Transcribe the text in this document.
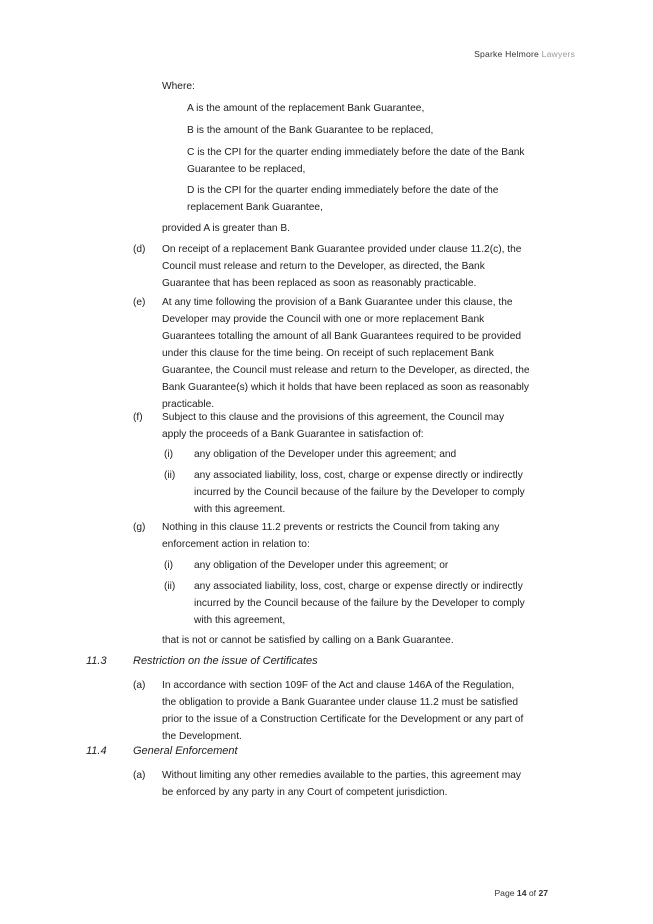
Sparke Helmore Lawyers
Where:
A is the amount of the replacement Bank Guarantee,
B is the amount of the Bank Guarantee to be replaced,
C is the CPI for the quarter ending immediately before the date of the Bank
Guarantee to be replaced,
D is the CPI for the quarter ending immediately before the date of the
replacement Bank Guarantee,
provided A is greater than B.
(d) On receipt of a replacement Bank Guarantee provided under clause 11.2(c), the
Council must release and return to the Developer, as directed, the Bank
Guarantee that has been replaced as soon as reasonably practicable.
(e) At any time following the provision of a Bank Guarantee under this clause, the
Developer may provide the Council with one or more replacement Bank
Guarantees totalling the amount of all Bank Guarantees required to be provided
under this clause for the time being. On receipt of such replacement Bank
Guarantee, the Council must release and return to the Developer, as directed, the
Bank Guarantee(s) which it holds that have been replaced as soon as reasonably
practicable.
(f) Subject to this clause and the provisions of this agreement, the Council may
apply the proceeds of a Bank Guarantee in satisfaction of:
(i) any obligation of the Developer under this agreement; and
(ii) any associated liability, loss, cost, charge or expense directly or indirectly
incurred by the Council because of the failure by the Developer to comply
with this agreement.
(g) Nothing in this clause 11.2 prevents or restricts the Council from taking any
enforcement action in relation to:
(i) any obligation of the Developer under this agreement; or
(ii) any associated liability, loss, cost, charge or expense directly or indirectly
incurred by the Council because of the failure by the Developer to comply
with this agreement,
that is not or cannot be satisfied by calling on a Bank Guarantee.
11.3 Restriction on the issue of Certificates
(a) In accordance with section 109F of the Act and clause 146A of the Regulation,
the obligation to provide a Bank Guarantee under clause 11.2 must be satisfied
prior to the issue of a Construction Certificate for the Development or any part of
the Development.
11.4 General Enforcement
(a) Without limiting any other remedies available to the parties, this agreement may
be enforced by any party in any Court of competent jurisdiction.
Page 14 of 27
